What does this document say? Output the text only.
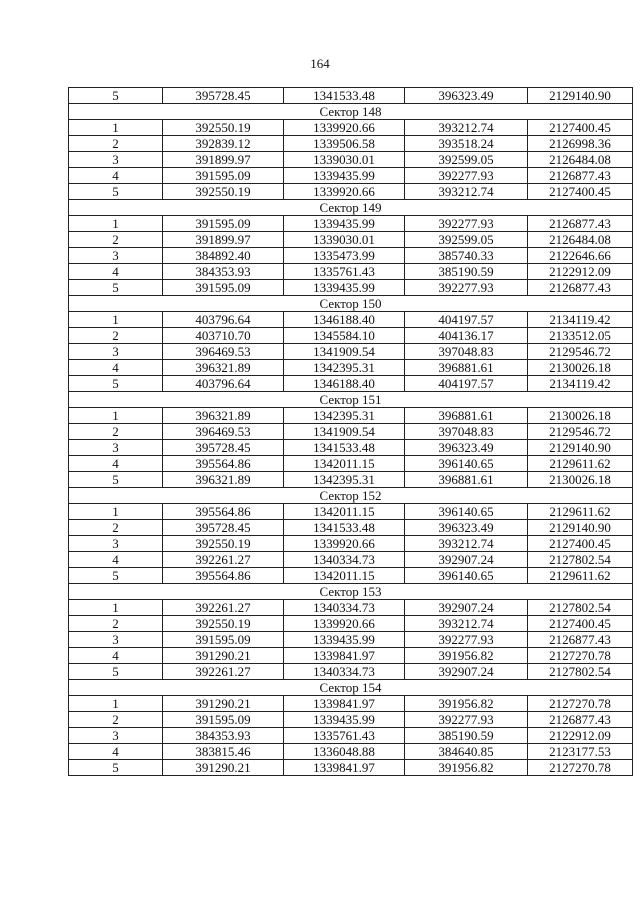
164
5	395728.45	1341533.48	396323.49	2129140.90
Сектор 148				
1	392550.19	1339920.66	393212.74	2127400.45
2	392839.12	1339506.58	393518.24	2126998.36
3	391899.97	1339030.01	392599.05	2126484.08
4	391595.09	1339435.99	392277.93	2126877.43
5	392550.19	1339920.66	393212.74	2127400.45
Сектор 149				
1	391595.09	1339435.99	392277.93	2126877.43
2	391899.97	1339030.01	392599.05	2126484.08
3	384892.40	1335473.99	385740.33	2122646.66
4	384353.93	1335761.43	385190.59	2122912.09
5	391595.09	1339435.99	392277.93	2126877.43
Сектор 150				
1	403796.64	1346188.40	404197.57	2134119.42
2	403710.70	1345584.10	404136.17	2133512.05
3	396469.53	1341909.54	397048.83	2129546.72
4	396321.89	1342395.31	396881.61	2130026.18
5	403796.64	1346188.40	404197.57	2134119.42
Сектор 151				
1	396321.89	1342395.31	396881.61	2130026.18
2	396469.53	1341909.54	397048.83	2129546.72
3	395728.45	1341533.48	396323.49	2129140.90
4	395564.86	1342011.15	396140.65	2129611.62
5	396321.89	1342395.31	396881.61	2130026.18
Сектор 152				
1	395564.86	1342011.15	396140.65	2129611.62
2	395728.45	1341533.48	396323.49	2129140.90
3	392550.19	1339920.66	393212.74	2127400.45
4	392261.27	1340334.73	392907.24	2127802.54
5	395564.86	1342011.15	396140.65	2129611.62
Сектор 153				
1	392261.27	1340334.73	392907.24	2127802.54
2	392550.19	1339920.66	393212.74	2127400.45
3	391595.09	1339435.99	392277.93	2126877.43
4	391290.21	1339841.97	391956.82	2127270.78
5	392261.27	1340334.73	392907.24	2127802.54
Сектор 154				
1	391290.21	1339841.97	391956.82	2127270.78
2	391595.09	1339435.99	392277.93	2126877.43
3	384353.93	1335761.43	385190.59	2122912.09
4	383815.46	1336048.88	384640.85	2123177.53
5	391290.21	1339841.97	391956.82	2127270.78
